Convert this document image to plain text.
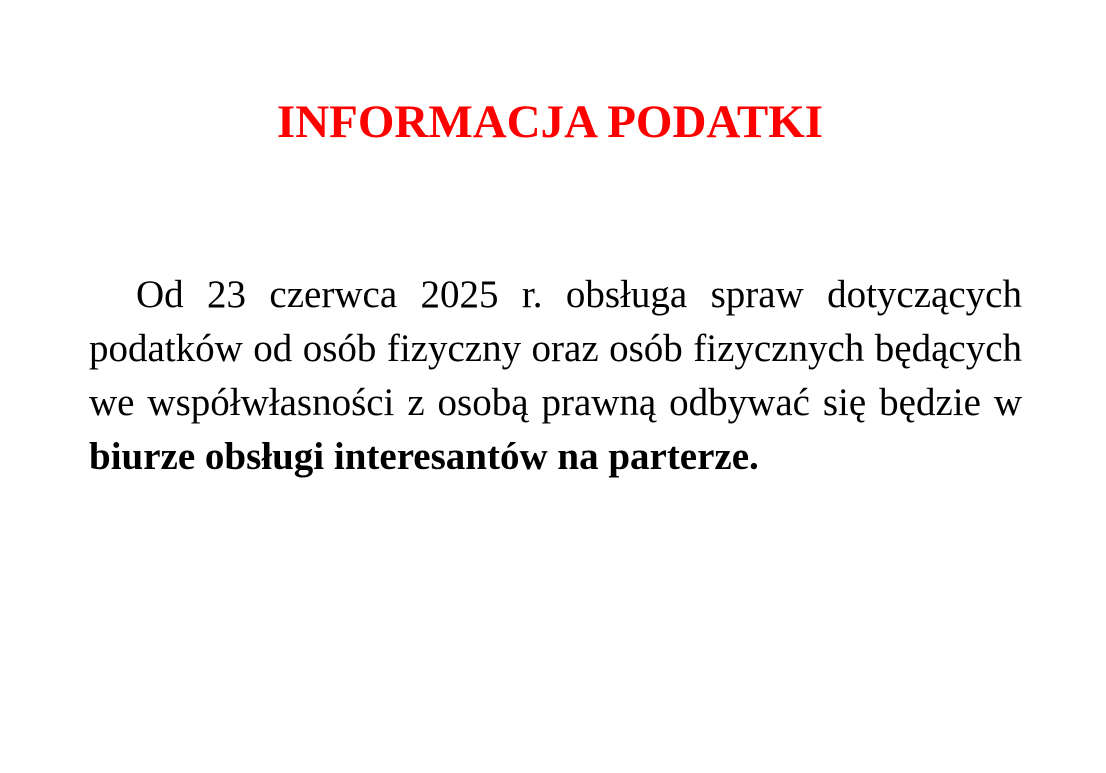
INFORMACJA PODATKI

Od 23 czerwca 2025 r. obsługa spraw dotyczących podatków od osób fizyczny oraz osób fizycznych będących we współwłasności z osobą prawną odbywać się będzie w biurze obsługi interesantów na parterze.
